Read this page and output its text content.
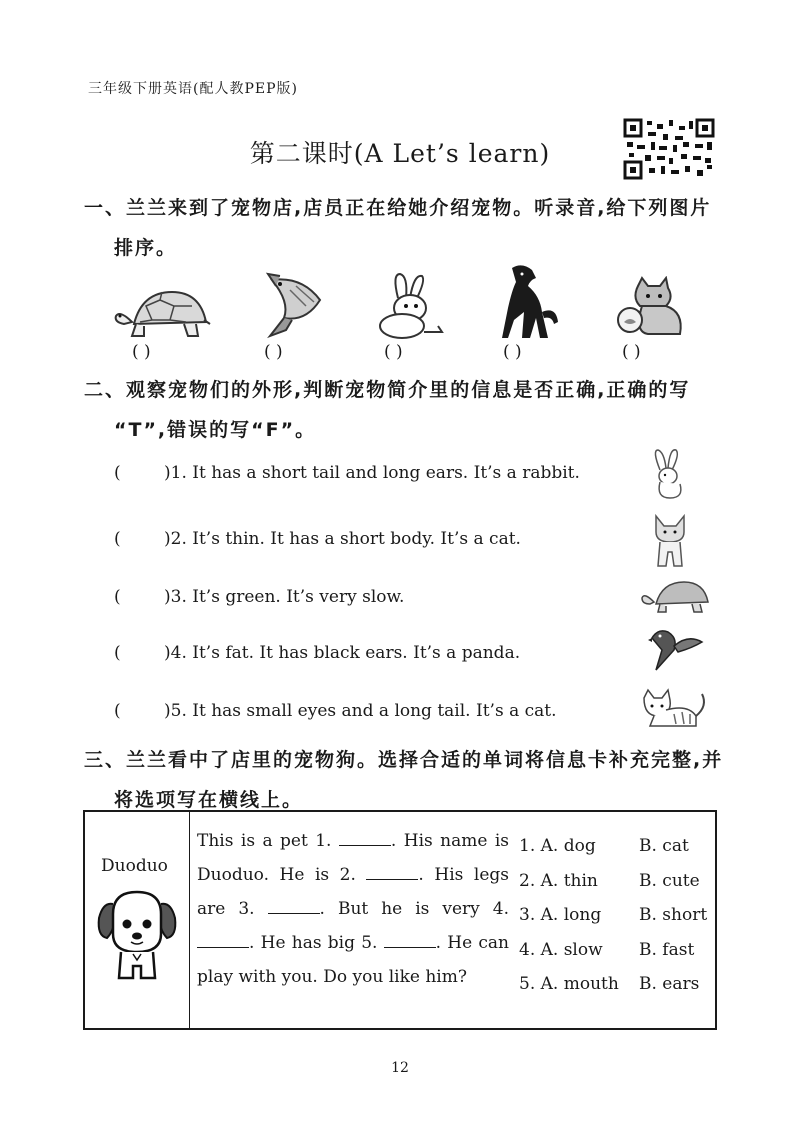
三年级下册英语(配人教PEP版)
第二课时(A Let’s learn)
一、兰兰来到了宠物店,店员正在给她介绍宠物。听录音,给下列图片
排序。
( )	( )	( )	( )	( )
二、观察宠物们的外形,判断宠物简介里的信息是否正确,正确的写
“T”,错误的写“F”。
(	)1. It has a short tail and long ears. It’s a rabbit.
(	)2. It’s thin. It has a short body. It’s a cat.
(	)3. It’s green. It’s very slow.
(	)4. It’s fat. It has black ears. It’s a panda.
(	)5. It has small eyes and a long tail. It’s a cat.
三、兰兰看中了店里的宠物狗。选择合适的单词将信息卡补充完整,并
将选项写在横线上。
Duoduo
This is a pet 1.	. His name is Duoduo. He is 2.	. His legs are 3.	. But he is very 4. . He has big 5.	. He can play with you. Do you like him?
1. A. dog	B. cat
2. A. thin B. cute
3. A. long B. short
4. A. slow B. fast
5. A. mouth B. ears
12
